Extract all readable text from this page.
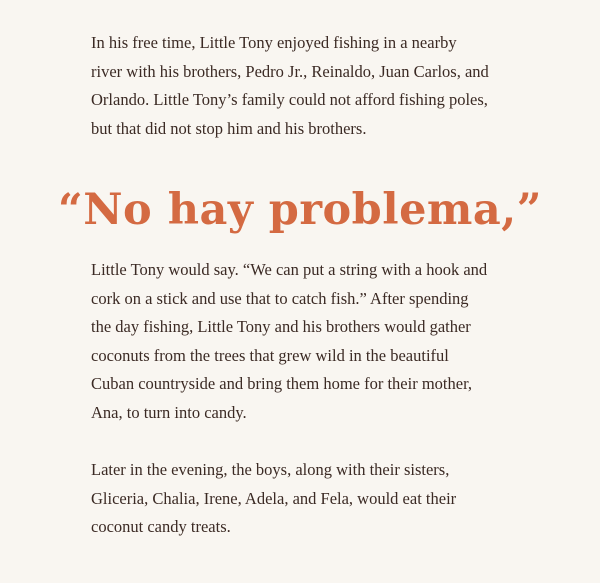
In his free time, Little Tony enjoyed fishing in a nearby river with his brothers, Pedro Jr., Reinaldo, Juan Carlos, and Orlando. Little Tony’s family could not afford fishing poles, but that did not stop him and his brothers.

“No hay problema,”

Little Tony would say. “We can put a string with a hook and cork on a stick and use that to catch fish.” After spending the day fishing, Little Tony and his brothers would gather coconuts from the trees that grew wild in the beautiful Cuban countryside and bring them home for their mother, Ana, to turn into candy.

Later in the evening, the boys, along with their sisters, Gliceria, Chalia, Irene, Adela, and Fela, would eat their coconut candy treats.
